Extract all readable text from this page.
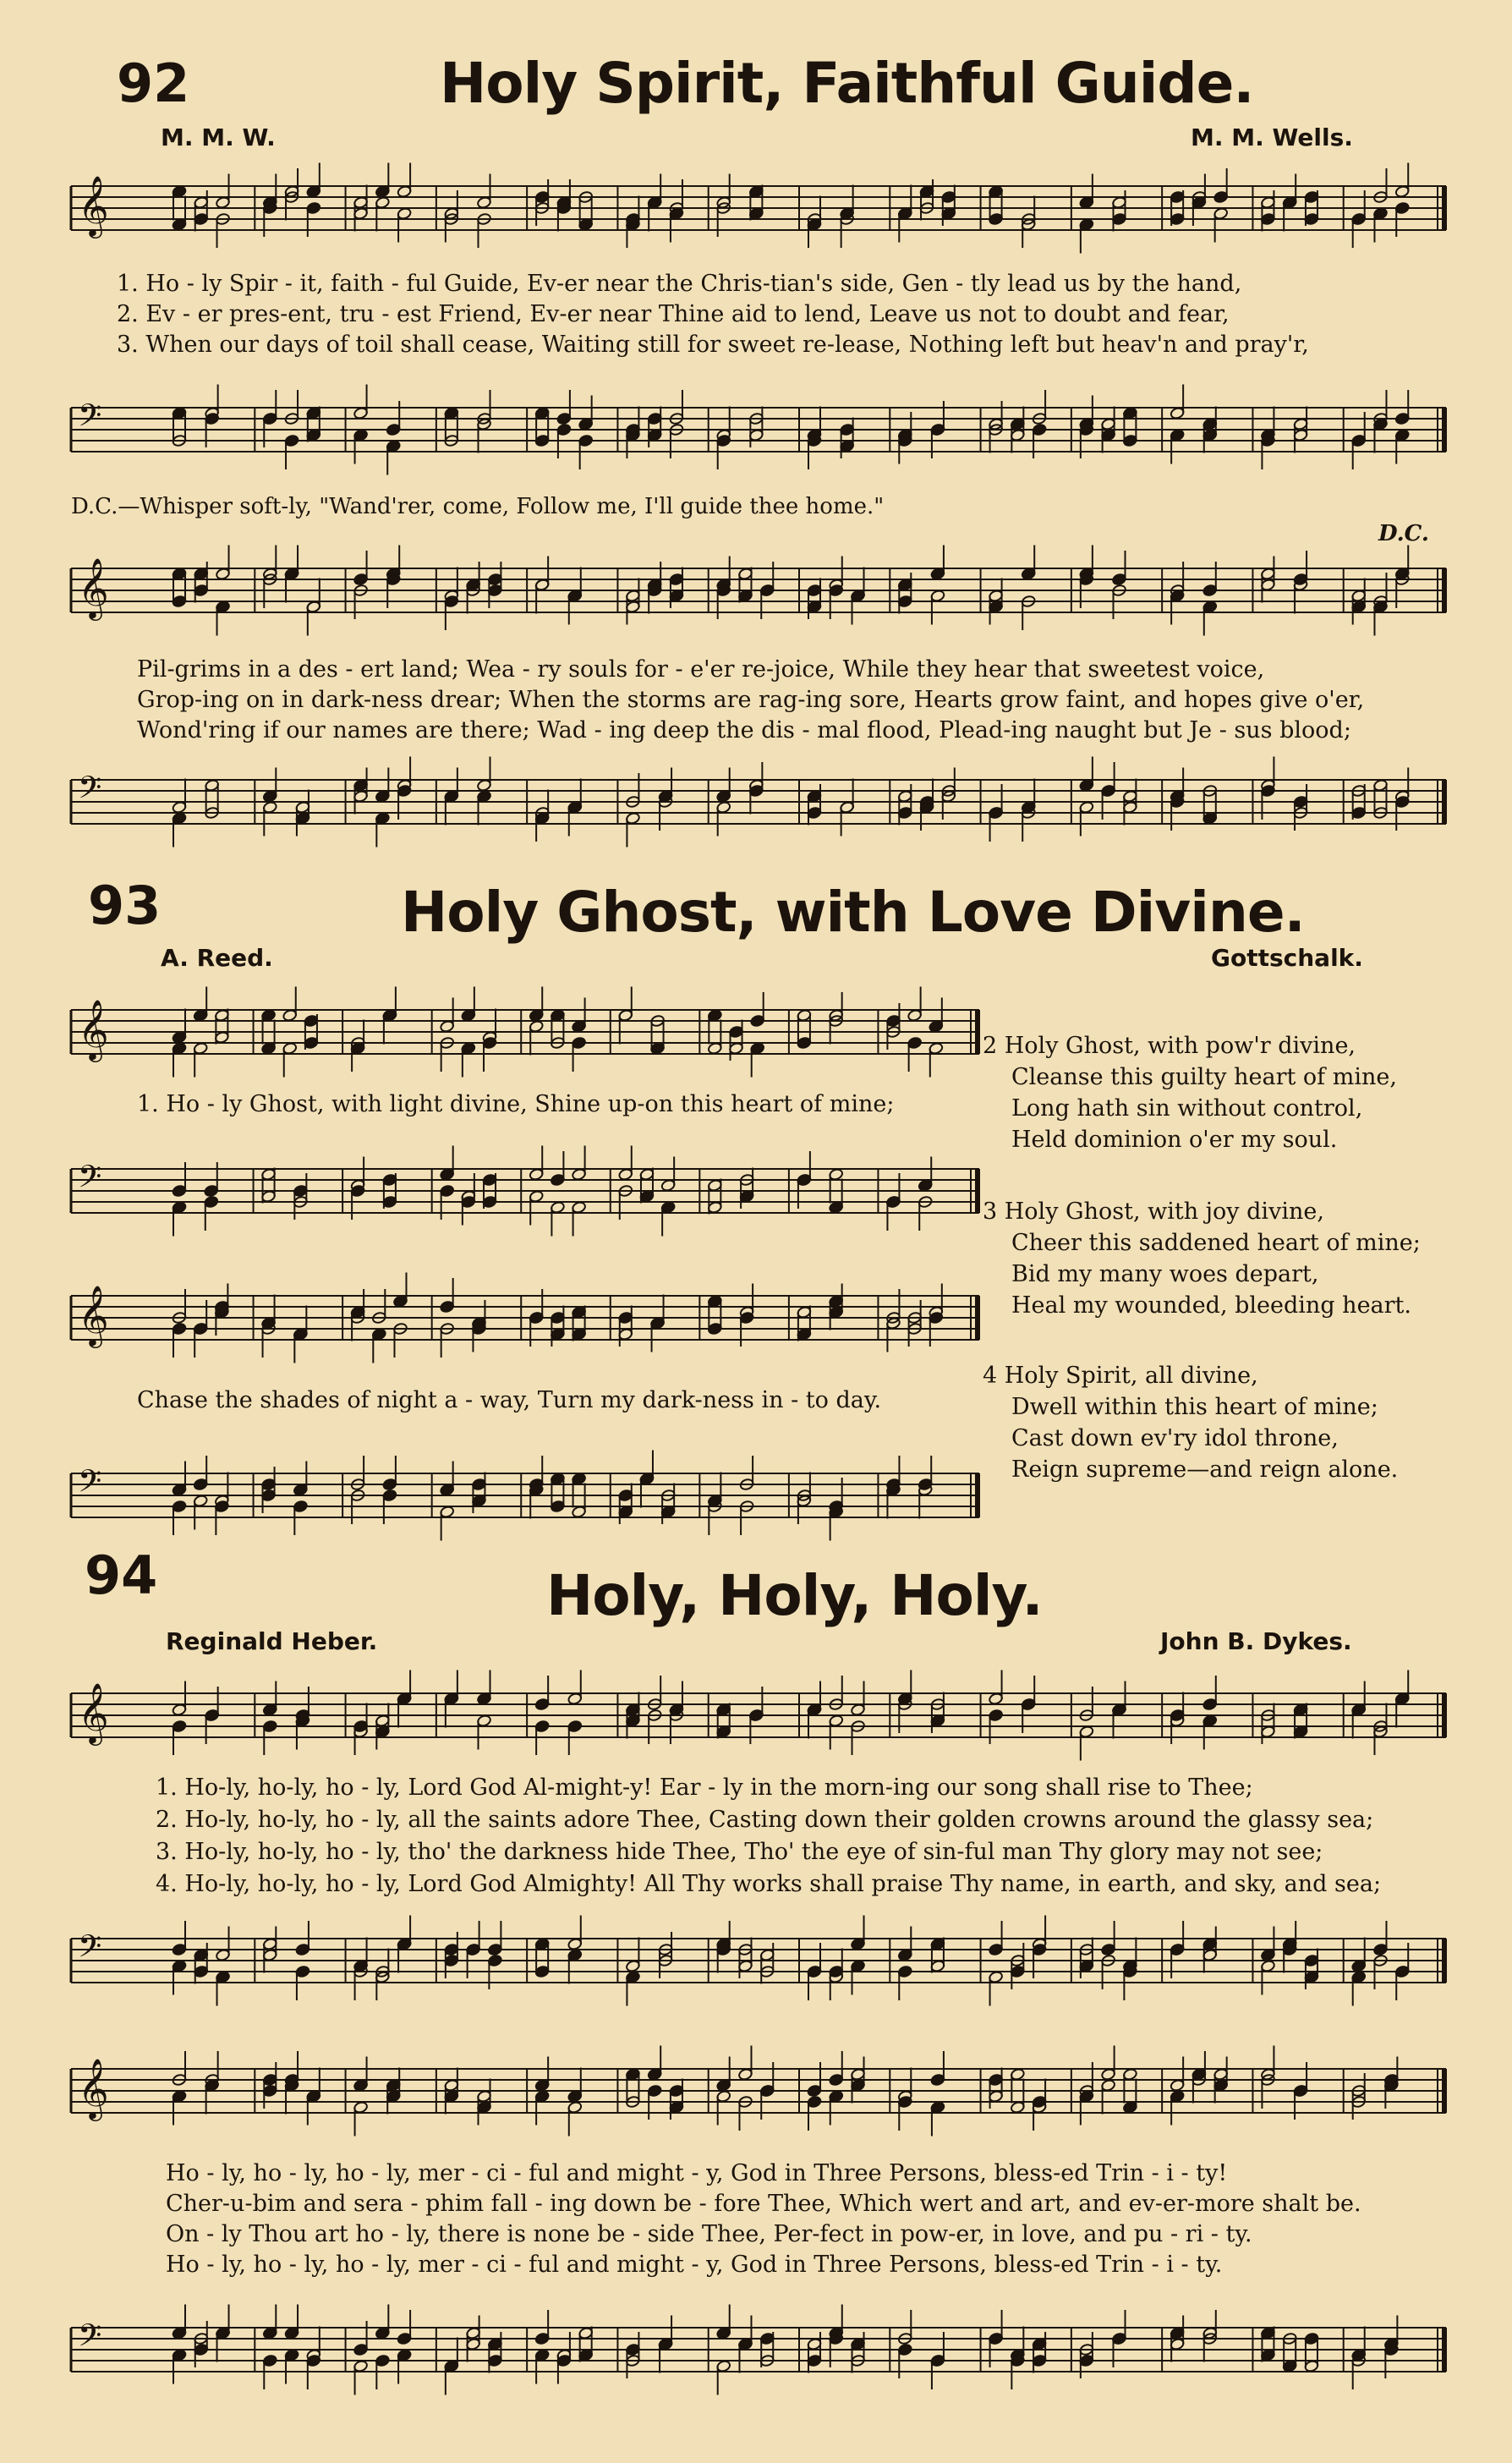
92	Holy Spirit, Faithful Guide.
M. M. W.	M. M. Wells.
𝄞
1. Ho - ly Spir - it, faith - ful Guide, Ev-er near the Chris-tian's side, Gen - tly lead us by the hand,
2. Ev - er pres-ent, tru - est Friend, Ev-er near Thine aid to lend, Leave us not to doubt and fear,
3. When our days of toil shall cease, Waiting still for sweet re-lease, Nothing left but heav'n and pray'r,
𝄢
D.C.—Whisper soft-ly, "Wand'rer, come, Follow me, I'll guide thee home."
D.C.
𝄞
Pil-grims in a des - ert land; Wea - ry souls for - e'er re-joice, While they hear that sweetest voice,
Grop-ing on in dark-ness drear; When the storms are rag-ing sore, Hearts grow faint, and hopes give o'er,
Wond'ring if our names are there; Wad - ing deep the dis - mal flood, Plead-ing naught but Je - sus blood;
𝄢
93	Holy Ghost, with Love Divine.
A. Reed.	Gottschalk.
𝄞
1. Ho - ly Ghost, with light divine, Shine up-on this heart of mine;
𝄢
𝄞
Chase the shades of night a - way, Turn my dark-ness in - to day.
𝄢
2 Holy Ghost, with pow'r divine,
Cleanse this guilty heart of mine,
Long hath sin without control,
Held dominion o'er my soul.
3 Holy Ghost, with joy divine,
Cheer this saddened heart of mine;
Bid my many woes depart,
Heal my wounded, bleeding heart.
4 Holy Spirit, all divine,
Dwell within this heart of mine;
Cast down ev'ry idol throne,
Reign supreme—and reign alone.
94	Holy, Holy, Holy.
Reginald Heber.	John B. Dykes.
𝄞
1. Ho-ly, ho-ly, ho - ly, Lord God Al-might-y! Ear - ly in the morn-ing our song shall rise to Thee;
2. Ho-ly, ho-ly, ho - ly, all the saints adore Thee, Casting down their golden crowns around the glassy sea;
3. Ho-ly, ho-ly, ho - ly, tho' the darkness hide Thee, Tho' the eye of sin-ful man Thy glory may not see;
4. Ho-ly, ho-ly, ho - ly, Lord God Almighty! All Thy works shall praise Thy name, in earth, and sky, and sea;
𝄢
𝄞
Ho - ly, ho - ly, ho - ly, mer - ci - ful and might - y, God in Three Persons, bless-ed Trin - i - ty!
Cher-u-bim and sera - phim fall - ing down be - fore Thee, Which wert and art, and ev-er-more shalt be.
On - ly Thou art ho - ly, there is none be - side Thee, Per-fect in pow-er, in love, and pu - ri - ty.
Ho - ly, ho - ly, ho - ly, mer - ci - ful and might - y, God in Three Persons, bless-ed Trin - i - ty.
𝄢
